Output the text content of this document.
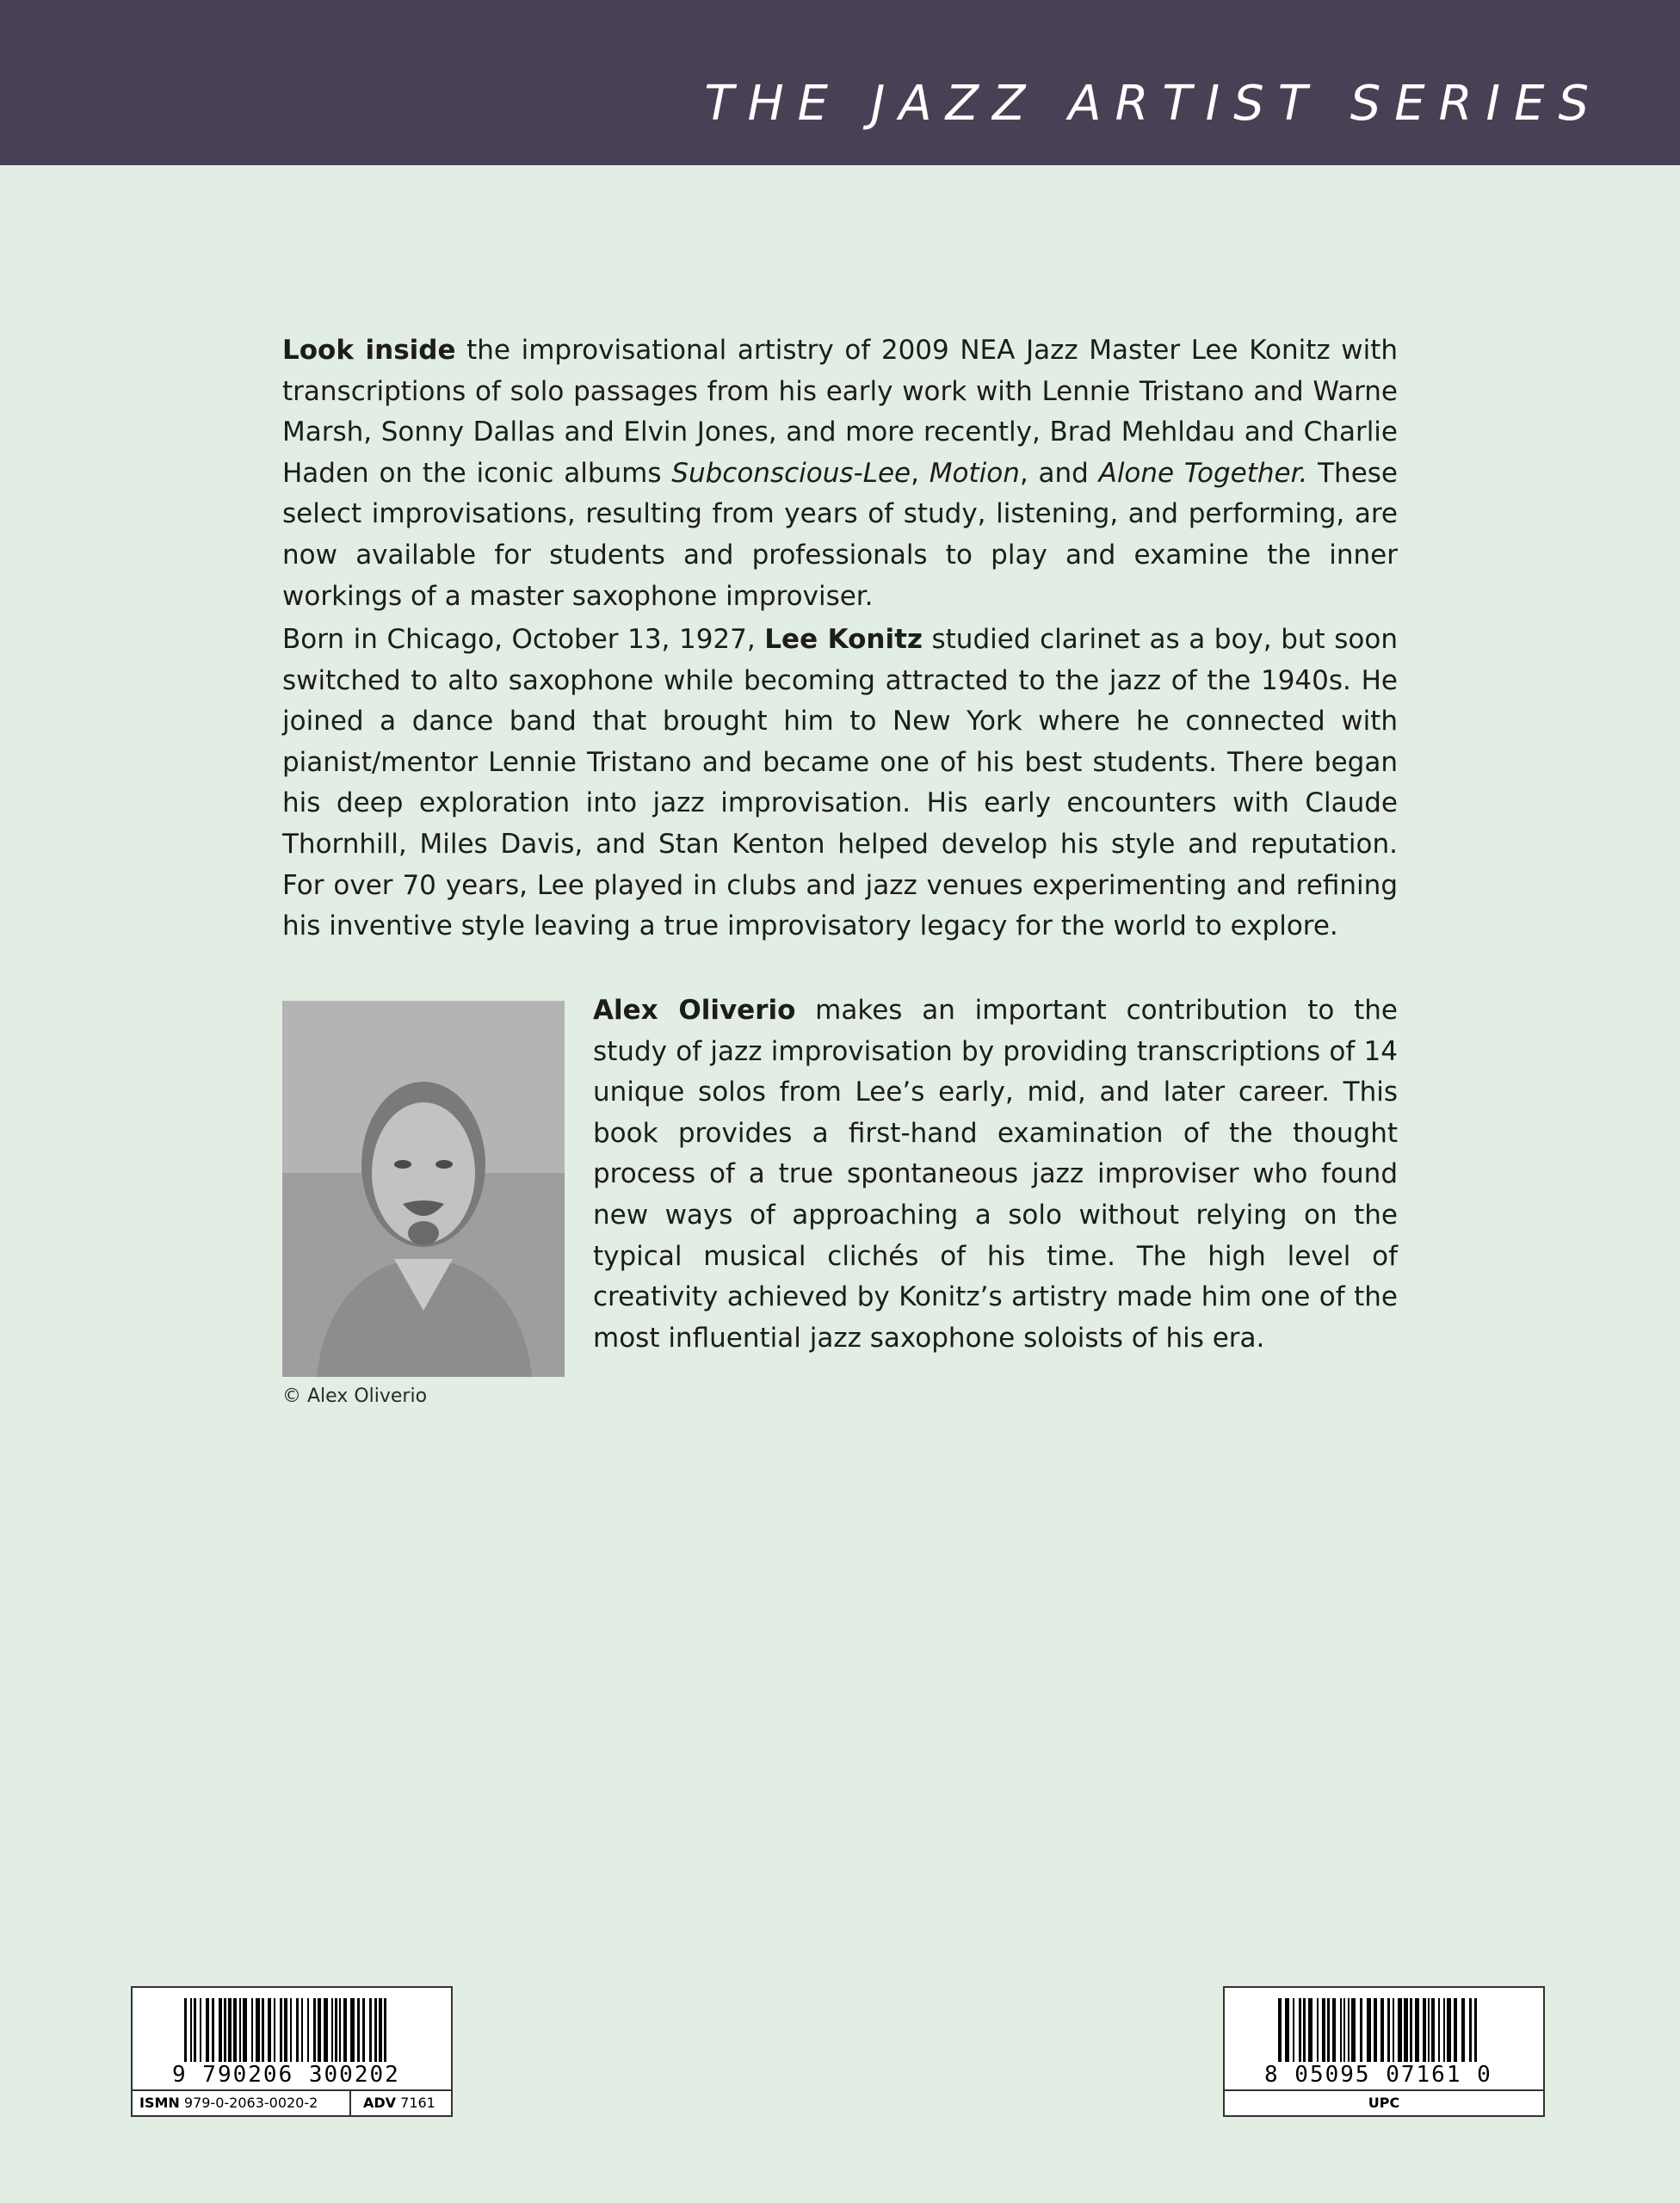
THE JAZZ ARTIST SERIES

Look inside the improvisational artistry of 2009 NEA Jazz Master Lee Konitz with transcriptions of solo passages from his early work with Lennie Tristano and Warne Marsh, Sonny Dallas and Elvin Jones, and more recently, Brad Mehldau and Charlie Haden on the iconic albums Subconscious-Lee, Motion, and Alone Together. These select improvisations, resulting from years of study, listening, and performing, are now available for students and professionals to play and examine the inner workings of a master saxophone improviser.

Born in Chicago, October 13, 1927, Lee Konitz studied clarinet as a boy, but soon switched to alto saxophone while becoming attracted to the jazz of the 1940s. He joined a dance band that brought him to New York where he connected with pianist/mentor Lennie Tristano and became one of his best students. There began his deep exploration into jazz improvisation. His early encounters with Claude Thornhill, Miles Davis, and Stan Kenton helped develop his style and reputation. For over 70 years, Lee played in clubs and jazz venues experimenting and refining his inventive style leaving a true improvisatory legacy for the world to explore.

© Alex Oliverio

Alex Oliverio makes an important contribution to the study of jazz improvisation by providing transcriptions of 14 unique solos from Lee’s early, mid, and later career. This book provides a first-hand examination of the thought process of a true spontaneous jazz improviser who found new ways of approaching a solo without relying on the typical musical clichés of his time. The high level of creativity achieved by Konitz’s artistry made him one of the most influential jazz saxophone soloists of his era.

9 790206 300202
ISMN 979-0-2063-0020-2	ADV 7161
8 05095 07161 0
UPC
